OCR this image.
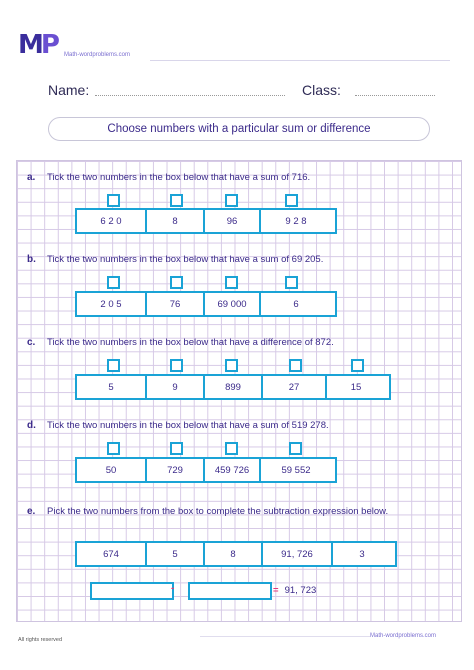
MP Math-wordproblems.com
Name:	Class:
Choose numbers with a particular sum or difference
a. Tick the two numbers in the box below that have a sum of 716.
6 2 0	8	96	9 2 8
b. Tick the two numbers in the box below that have a sum of 69 205.
2 0 5	76	69 000	6
c. Tick the two numbers in the box below that have a difference of 872.
5	9	899	27	15
d. Tick the two numbers in the box below that have a sum of 519 278.
50	729	459 726	59 552
e. Pick the two numbers from the box to complete the subtraction expression below.
674	5	8	91, 726	3
-	= 91, 723
All rights reserved
Math-wordproblems.com
